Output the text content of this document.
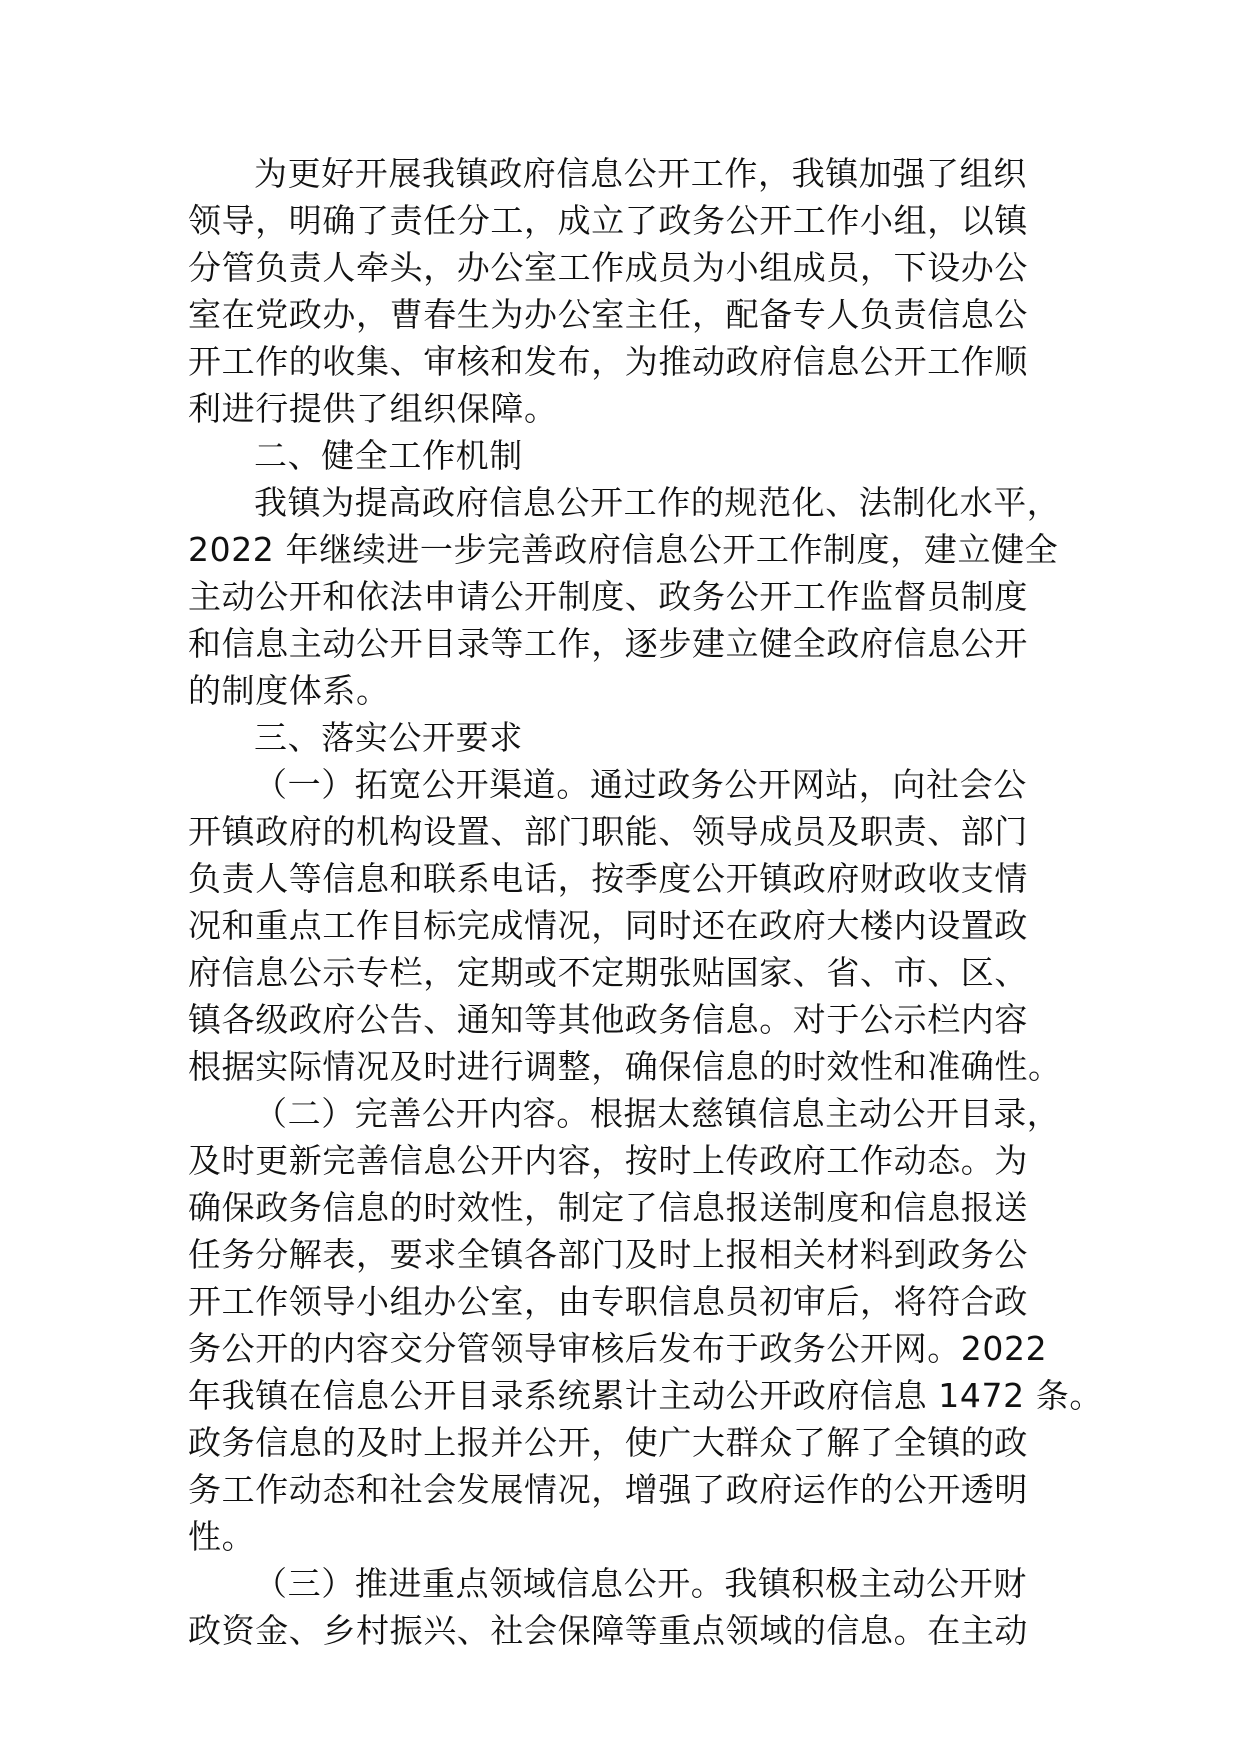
为更好开展我镇政府信息公开工作，我镇加强了组织
领导，明确了责任分工，成立了政务公开工作小组，以镇
分管负责人牵头，办公室工作成员为小组成员，下设办公
室在党政办，曹春生为办公室主任，配备专人负责信息公
开工作的收集、审核和发布，为推动政府信息公开工作顺
利进行提供了组织保障。
二、健全工作机制
我镇为提高政府信息公开工作的规范化、法制化水平，
2022 年继续进一步完善政府信息公开工作制度，建立健全
主动公开和依法申请公开制度、政务公开工作监督员制度
和信息主动公开目录等工作，逐步建立健全政府信息公开
的制度体系。
三、落实公开要求
（一）拓宽公开渠道。通过政务公开网站，向社会公
开镇政府的机构设置、部门职能、领导成员及职责、部门
负责人等信息和联系电话，按季度公开镇政府财政收支情
况和重点工作目标完成情况，同时还在政府大楼内设置政
府信息公示专栏，定期或不定期张贴国家、省、市、区、
镇各级政府公告、通知等其他政务信息。对于公示栏内容
根据实际情况及时进行调整，确保信息的时效性和准确性。
（二）完善公开内容。根据太慈镇信息主动公开目录，
及时更新完善信息公开内容，按时上传政府工作动态。为
确保政务信息的时效性，制定了信息报送制度和信息报送
任务分解表，要求全镇各部门及时上报相关材料到政务公
开工作领导小组办公室，由专职信息员初审后，将符合政
务公开的内容交分管领导审核后发布于政务公开网。2022
年我镇在信息公开目录系统累计主动公开政府信息 1472 条。
政务信息的及时上报并公开，使广大群众了解了全镇的政
务工作动态和社会发展情况，增强了政府运作的公开透明
性。
（三）推进重点领域信息公开。我镇积极主动公开财
政资金、乡村振兴、社会保障等重点领域的信息。在主动
